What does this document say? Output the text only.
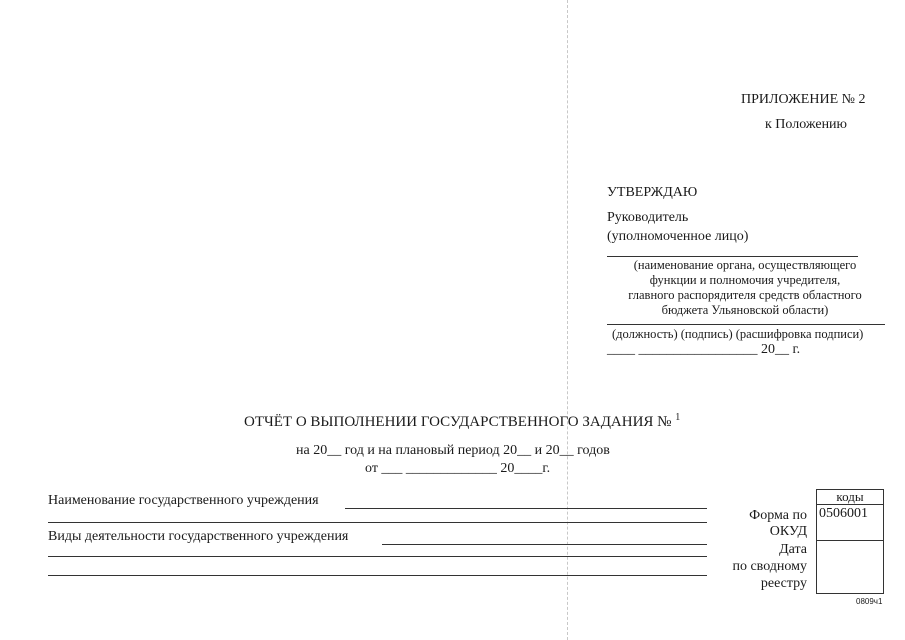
ПРИЛОЖЕНИЕ № 2
к Положению
УТВЕРЖДАЮ
Руководитель
(уполномоченное лицо)
(наименование органа, осуществляющего
функции и полномочия учредителя,
главного распорядителя средств областного
бюджета Ульяновской области)
(должность) (подпись) (расшифровка подписи)
____ _________________ 20__ г.
ОТЧЁТ О ВЫПОЛНЕНИИ ГОСУДАРСТВЕННОГО ЗАДАНИЯ № $^1$
на 20__ год и на плановый период 20__ и 20__ годов
от ___ _____________ 20____г.
Наименование государственного учреждения
Виды деятельности государственного учреждения
Форма по
ОКУД
Дата
по сводному
реестру
коды
0506001
0809ч1
